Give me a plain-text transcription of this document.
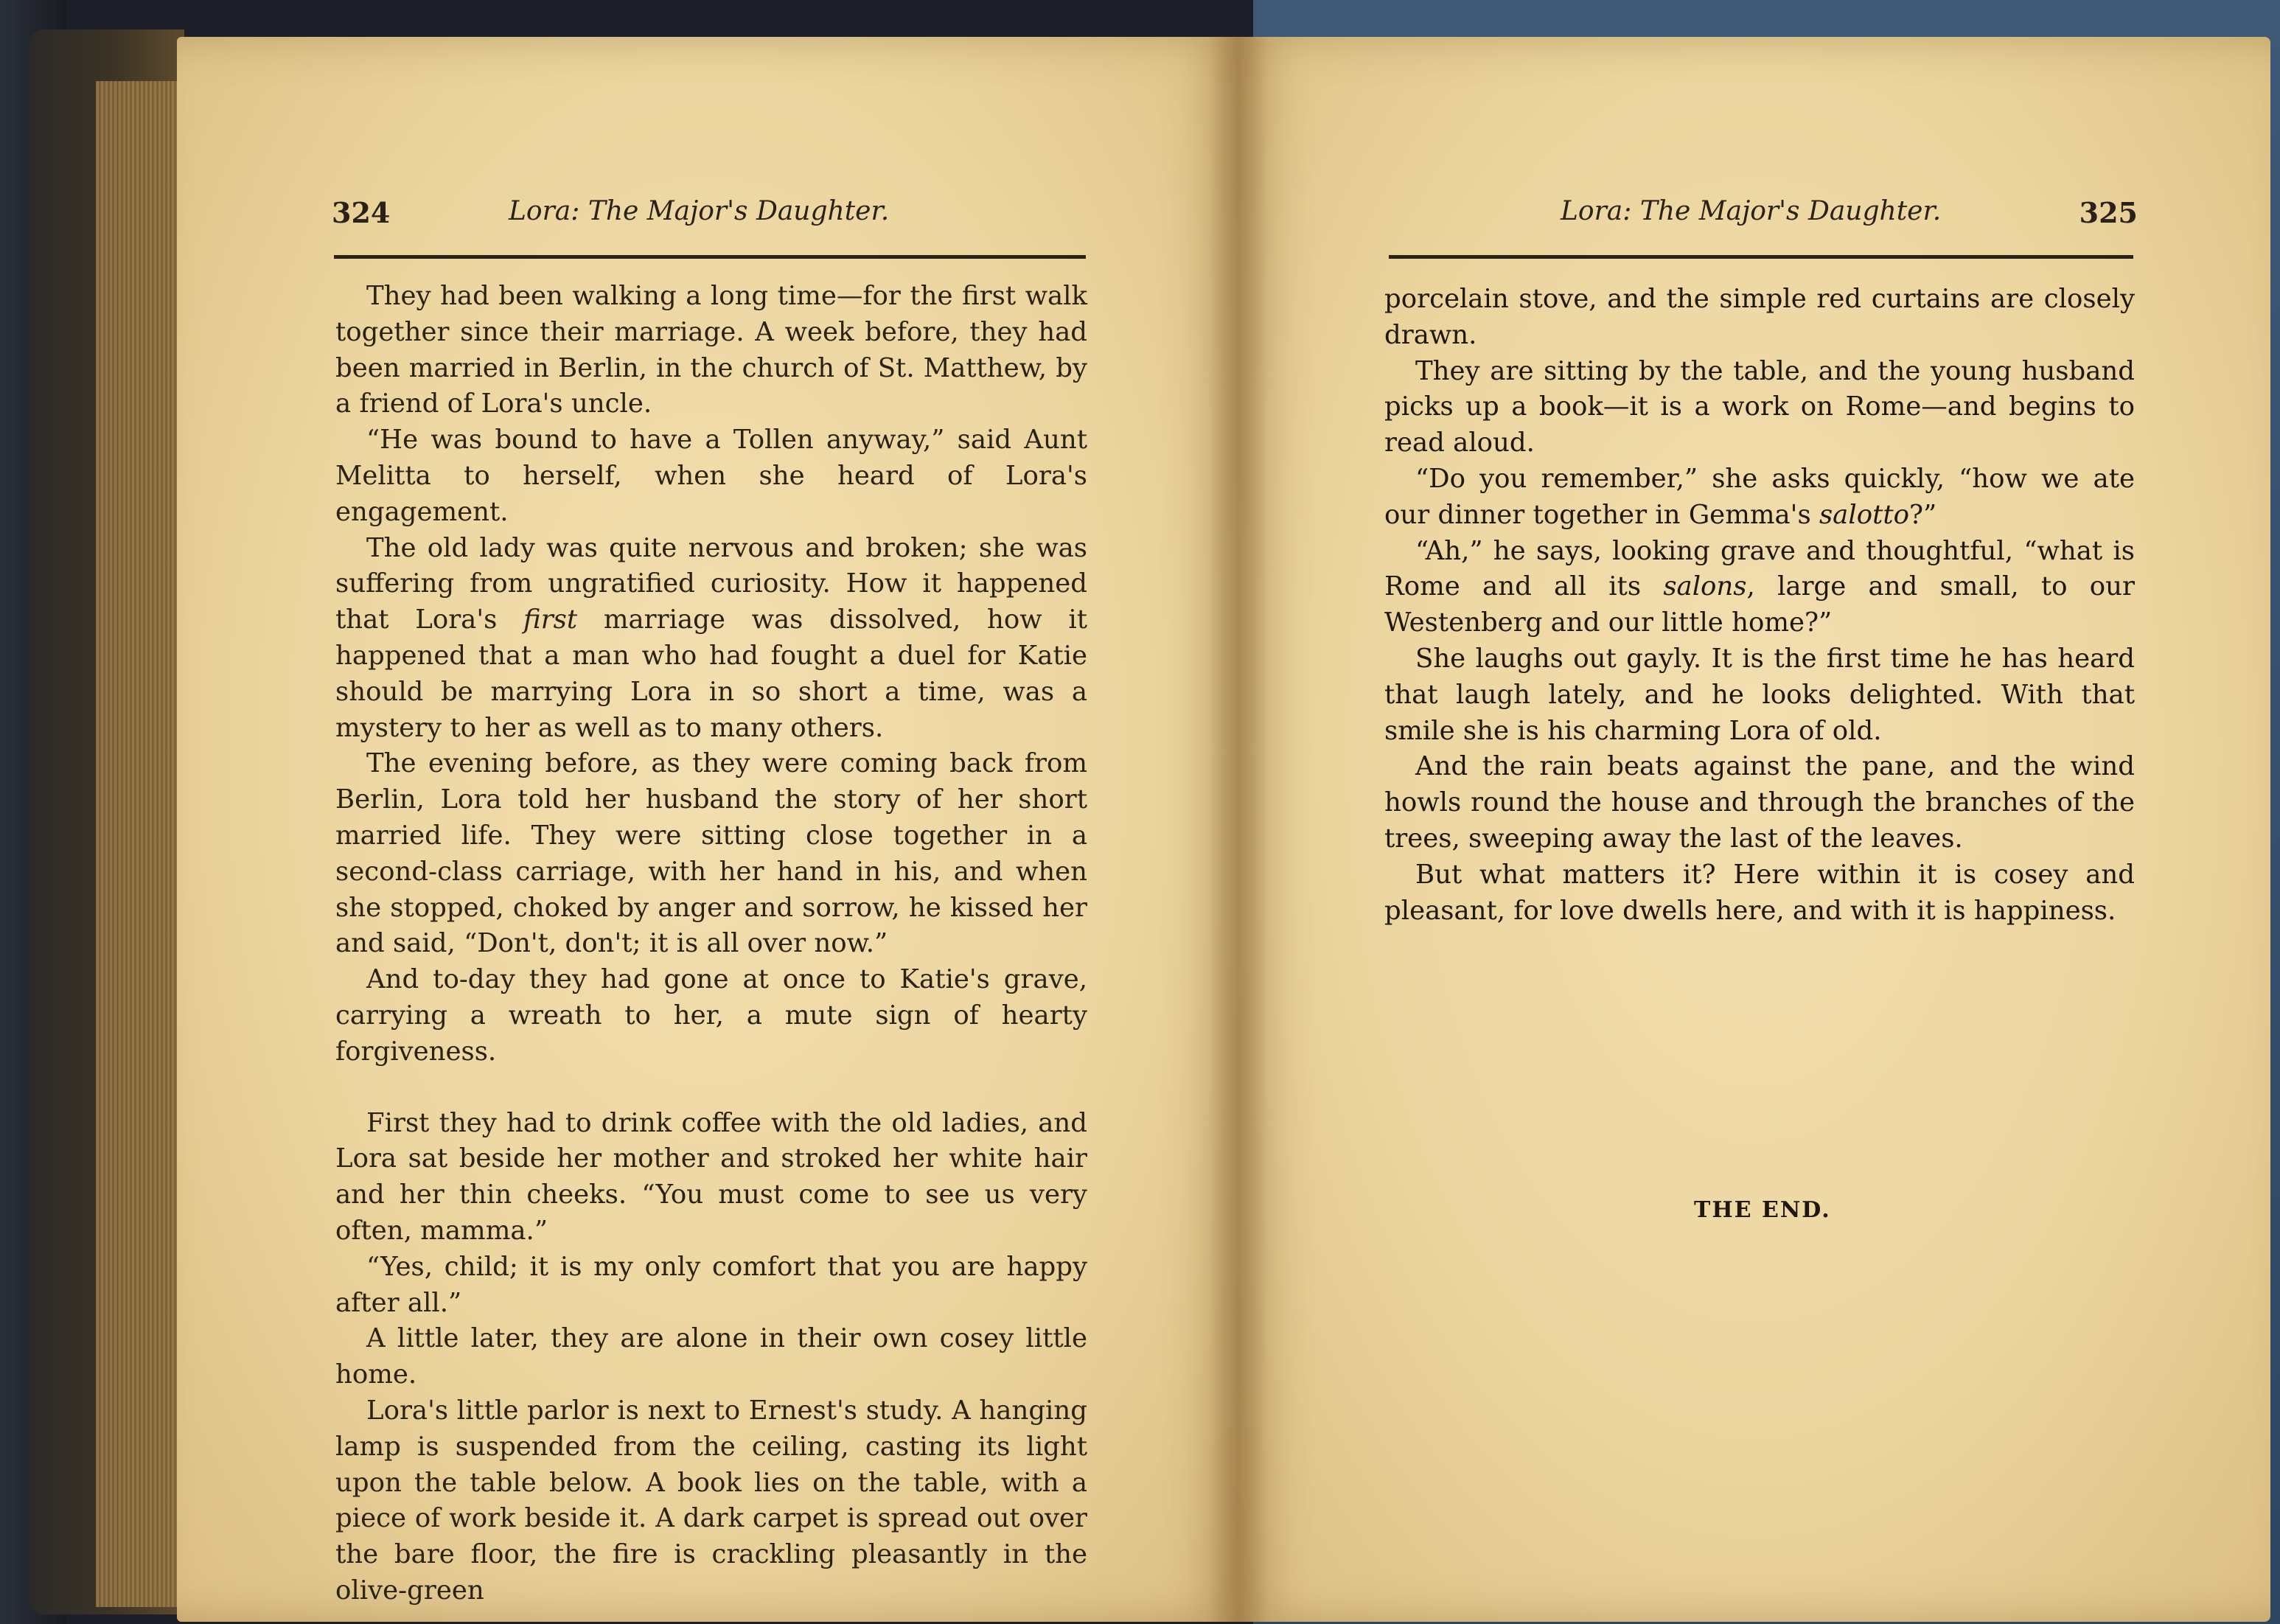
324	Lora: The Major's Daughter.	Lora: The Major's Daughter.	325

They had been walking a long time—for the first walk together since their marriage. A week before, they had been married in Berlin, in the church of St. Matthew, by a friend of Lora's uncle.

“He was bound to have a Tollen anyway,” said Aunt Melitta to herself, when she heard of Lora's engagement.

The old lady was quite nervous and broken; she was suffering from ungratified curiosity. How it happened that Lora's first marriage was dissolved, how it happened that a man who had fought a duel for Katie should be marrying Lora in so short a time, was a mystery to her as well as to many others.

The evening before, as they were coming back from Berlin, Lora told her husband the story of her short married life. They were sitting close together in a second-class carriage, with her hand in his, and when she stopped, choked by anger and sorrow, he kissed her and said, “Don't, don't; it is all over now.”

And to-day they had gone at once to Katie's grave, carrying a wreath to her, a mute sign of hearty forgiveness.

First they had to drink coffee with the old ladies, and Lora sat beside her mother and stroked her white hair and her thin cheeks. “You must come to see us very often, mamma.”

“Yes, child; it is my only comfort that you are happy after all.”

A little later, they are alone in their own cosey little home.

Lora's little parlor is next to Ernest's study. A hanging lamp is suspended from the ceiling, casting its light upon the table below. A book lies on the table, with a piece of work beside it. A dark carpet is spread out over the bare floor, the fire is crackling pleasantly in the olive-green

porcelain stove, and the simple red curtains are closely drawn.

They are sitting by the table, and the young husband picks up a book—it is a work on Rome—and begins to read aloud.

“Do you remember,” she asks quickly, “how we ate our dinner together in Gemma's salotto?”

“Ah,” he says, looking grave and thoughtful, “what is Rome and all its salons, large and small, to our Westenberg and our little home?”

She laughs out gayly. It is the first time he has heard that laugh lately, and he looks delighted. With that smile she is his charming Lora of old.

And the rain beats against the pane, and the wind howls round the house and through the branches of the trees, sweeping away the last of the leaves.

But what matters it? Here within it is cosey and pleasant, for love dwells here, and with it is happiness.

THE END.
